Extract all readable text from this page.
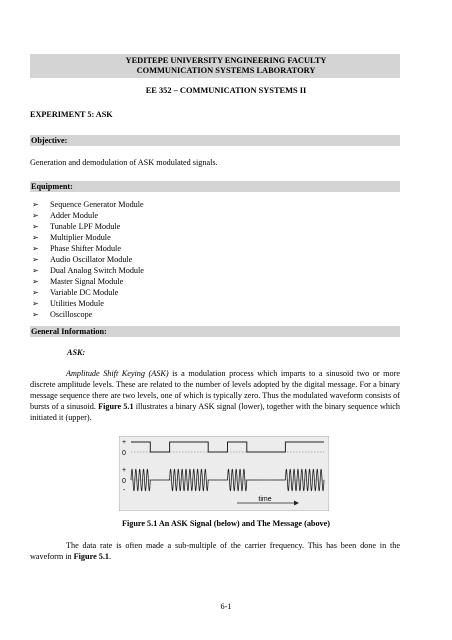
YEDITEPE UNIVERSITY ENGINEERING FACULTY
COMMUNICATION SYSTEMS LABORATORY
EE 352 – COMMUNICATION SYSTEMS II
EXPERIMENT 5: ASK
Objective:
Generation and demodulation of ASK modulated signals.
Equipment:
➢ Sequence Generator Module
➢ Adder Module
➢ Tunable LPF Module
➢ Multiplier Module
➢ Phase Shifter Module
➢ Audio Oscillator Module
➢ Dual Analog Switch Module
➢ Master Signal Module
➢ Variable DC Module
➢ Utilities Module
➢ Oscilloscope
General Information:
ASK:
Amplitude Shift Keying (ASK) is a modulation process which imparts to a sinusoid two or more discrete amplitude levels. These are related to the number of levels adopted by the digital message. For a binary message sequence there are two levels, one of which is typically zero. Thus the modulated waveform consists of bursts of a sinusoid. Figure 5.1 illustrates a binary ASK signal (lower), together with the binary sequence which initiated it (upper).
+
0
+
0
-
time
Figure 5.1 An ASK Signal (below) and The Message (above)
The data rate is often made a sub-multiple of the carrier frequency. This has been done in the waveform in Figure 5.1.
6-1
